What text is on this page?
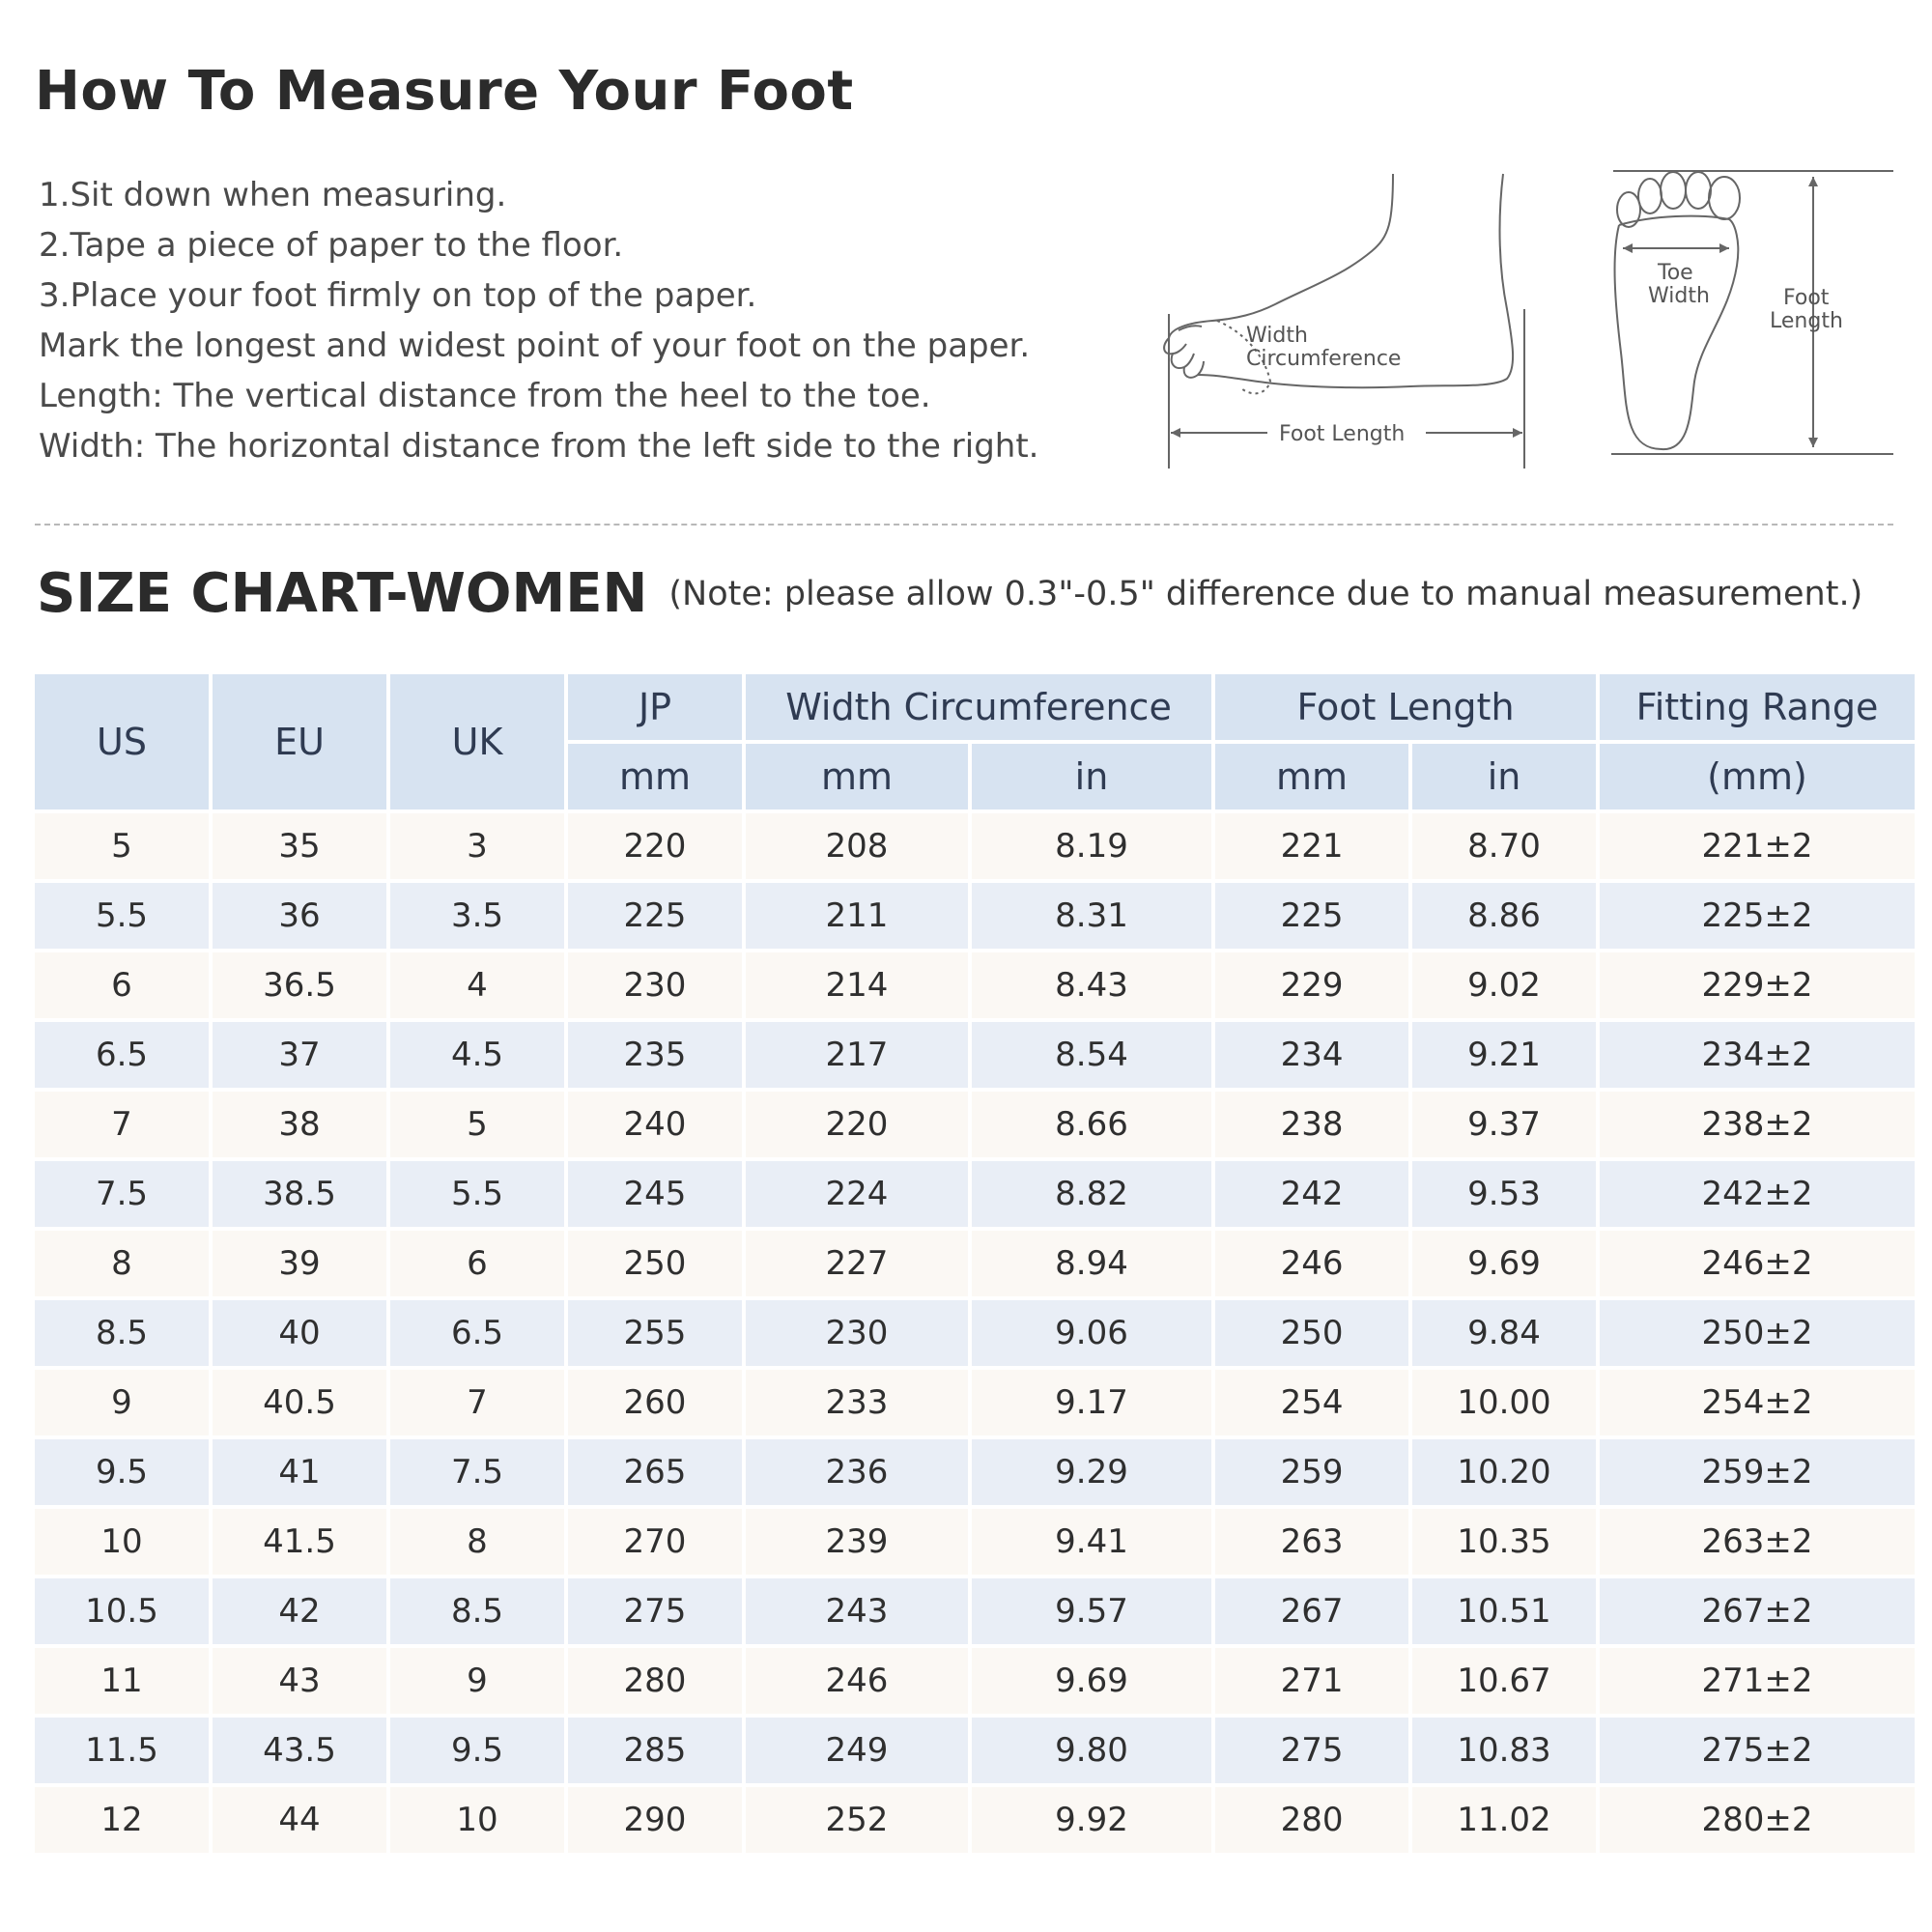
How To Measure Your Foot
1.Sit down when measuring.
2.Tape a piece of paper to the floor.
3.Place your foot firmly on top of the paper.
Mark the longest and widest point of your foot on the paper.
Length: The vertical distance from the heel to the toe.
Width: The horizontal distance from the left side to the right.
Width
Circumference
Foot Length
Toe
Width	Foot
Length
SIZE CHART-WOMEN (Note: please allow 0.3"-0.5" difference due to manual measurement.)
US	EU	UK	JP	Width Circumference		Foot Length		Fitting Range
			mm	mm	in	mm	in	(mm)
5	35	3	220	208	8.19	221	8.70	221±2
5.5	36	3.5	225	211	8.31	225	8.86	225±2
6	36.5	4	230	214	8.43	229	9.02	229±2
6.5	37	4.5	235	217	8.54	234	9.21	234±2
7	38	5	240	220	8.66	238	9.37	238±2
7.5	38.5	5.5	245	224	8.82	242	9.53	242±2
8	39	6	250	227	8.94	246	9.69	246±2
8.5	40	6.5	255	230	9.06	250	9.84	250±2
9	40.5	7	260	233	9.17	254	10.00	254±2
9.5	41	7.5	265	236	9.29	259	10.20	259±2
10	41.5	8	270	239	9.41	263	10.35	263±2
10.5	42	8.5	275	243	9.57	267	10.51	267±2
11	43	9	280	246	9.69	271	10.67	271±2
11.5	43.5	9.5	285	249	9.80	275	10.83	275±2
12	44	10	290	252	9.92	280	11.02	280±2
